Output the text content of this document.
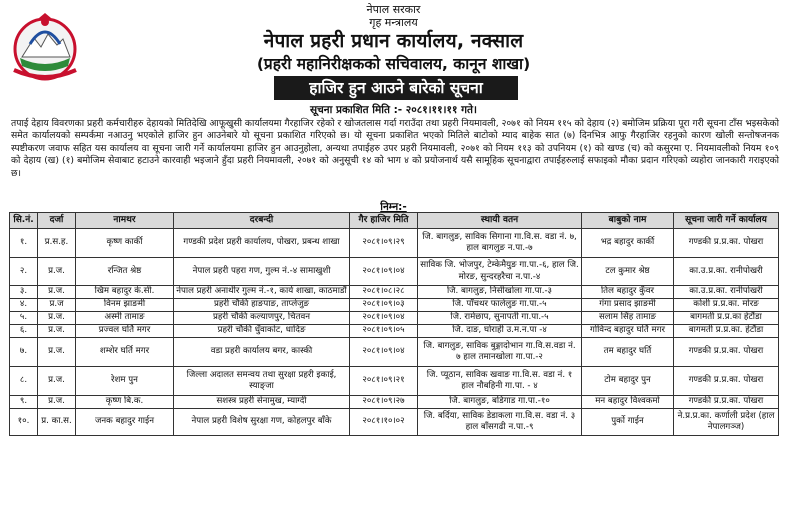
नेपाल सरकार
गृह मन्त्रालय
नेपाल प्रहरी प्रधान कार्यालय, नक्साल
(प्रहरी महानिरीक्षकको सचिवालय, कानून शाखा)
हाजिर हुन आउने बारेको सूचना
सूचना प्रकाशित मिति :- २०८१।११।११ गते।
तपाई देहाय विवरणका प्रहरी कर्मचारीहरु देहायको मितिदेखि आफूखुसी कार्यालयमा गैरहाजिर रहेको र खोजतलास गर्दा गराउँदा तथा प्रहरी नियमावली, २०७१ को नियम ११५ को देहाय (२) बमोजिम प्रक्रिया पूरा गरी सूचना टाँस भइसकेको समेत कार्यालयको सम्पर्कमा नआउनु भएकोले हाजिर हुन आउनेबारे यो सूचना प्रकाशित गरिएको छ। यो सूचना प्रकाशित भएको मितिले बाटोको म्याद बाहेक सात (७) दिनभित्र आफु गैरहाजिर रहनुको कारण खोली सन्तोषजनक स्पष्टीकरण जवाफ सहित यस कार्यालय वा सूचना जारी गर्ने कार्यालयमा हाजिर हुन आउनुहोला, अन्यथा तपाईहरु उपर प्रहरी नियमावली, २०७१ को नियम ११३ को उपनियम (१) को खण्ड (च) को कसुरमा ए. नियमावलीको नियम १०९ को देहाय (ख) (१) बमोजिम सेवाबाट हटाउने कारवाही भइजाने हुँदा प्रहरी नियमावली, २०७१ को अनुसूची १४ को भाग ४ को प्रयोजनार्थ यसै सामूहिक सूचनाद्वारा तपाईहरुलाई सफाइको मौका प्रदान गरिएको व्यहोरा जानकारी गराइएको छ।
निम्न:-
सि.नं.	दर्जा	नामथर	दरबन्दी	गैर हाजिर मिति	स्थायी वतन	बाबुको नाम	सूचना जारी गर्ने कार्यालय
१.	प्र.स.ह.	कृष्ण कार्की	गण्डकी प्रदेश प्रहरी कार्यालय, पोखरा, प्रबन्ध शाखा	२०८१।०९।२९	जि. बागलुङ, साविक सिगाना गा.वि.स. वडा नं. ७, हाल बागलुङ न.पा.-७	भद्र बहादुर कार्की	गण्डकी प्र.प्र.का. पोखरा
२.	प्र.ज.	रन्जित श्रेष्ठ	नेपाल प्रहरी पहरा गण, गुल्म नं.-४ सामाखुशी	२०८१।०९।०४	साविक जि. भोजपुर, टेम्केमैयुङ गा.पा.-६, हाल जि. मोरङ, सुन्दरहरैचा न.पा.-४	टल कुमार श्रेष्ठ	का.उ.प्र.का. रानीपोखरी
३.	प्र.ज.	खिम बहादुर के.सी.	नेपाल प्रहरी अनाथीर गुल्म नं.-१, कार्य शाखा, काठमाडौं	२०८१।०८।२८	जि. बागलुङ, निसीखोला गा.पा.-३	तिल बहादुर कुँवर	का.उ.प्र.का. रानीपोखरी
४.	प्र.ज	विनम झाङमी	प्रहरी चौकी हाङपाङ, ताप्लेजुङ	२०८१।०९।०३	जि. पाँचथर फालेलुङ गा.पा.-५	गंगा प्रसाद झाङमी	कोशी प्र.प्र.का. मोरङ
५.	प्र.ज.	अस्मी तामाङ	प्रहरी चौकी कल्याणपुर, चितवन	२०८१।०९।०४	जि. रामेछाप, सुनापती गा.पा.-५	सलाम सिंह तामाङ	बागमती प्र.प्र.का हेटौंडा
६.	प्र.ज.	प्रज्वल घर्ति मगर	प्रहरी चौकी धुँवाकोट, धादिङ	२०८१।०९।०५	जि. दाङ, घोराही उ.म.न.पा -४	गोविन्द बहादुर घर्ति मगर	बागमती प्र.प्र.का. हेटौंडा
७.	प्र.ज.	शम्शेर घर्ति मगर	वडा प्रहरी कार्यालय बगर, कास्की	२०८१।०९।०४	जि. बागलुङ, साविक बुङ्गादोभान गा.वि.स.वडा नं. ७ हाल तमानखोला गा.पा.-२	तम बहादुर घर्ति	गण्डकी प्र.प्र.का. पोखरा
८.	प्र.ज.	रेशम पुन	जिल्ला अदालत समन्वय तथा सुरक्षा प्रहरी इकाई, स्याङ्जा	२०८१।०९।२१	जि. प्यूठान, साविक खवाङ गा.वि.स. वडा नं. १ हाल नौबहिनी गा.पा. - ४	टोम बहादुर पुन	गण्डकी प्र.प्र.का. पोखरा
९.	प्र.ज.	कृष्ण बि.क.	सशस्त्र प्रहरी सेनामुख, म्याग्दी	२०८१।०९।२७	जि. बागलुङ, बडिगाड गा.पा.-१०	मन बहादुर विश्वकर्मा	गण्डकी प्र.प्र.का. पोखरा
१०.	प्र. का.स.	जनक बहादुर गाईन	नेपाल प्रहरी विशेष सुरक्षा गण, कोहलपुर बाँके	२०८१।१०।०२	जि. बर्दिया, साविक डेडाकला गा.वि.स. वडा नं. ३ हाल बाँसगढी न.पा.-९	पुर्को गाईन	ने.प्र.प्र.का. कर्णाली प्रदेश (हाल नेपालगञ्ज)
